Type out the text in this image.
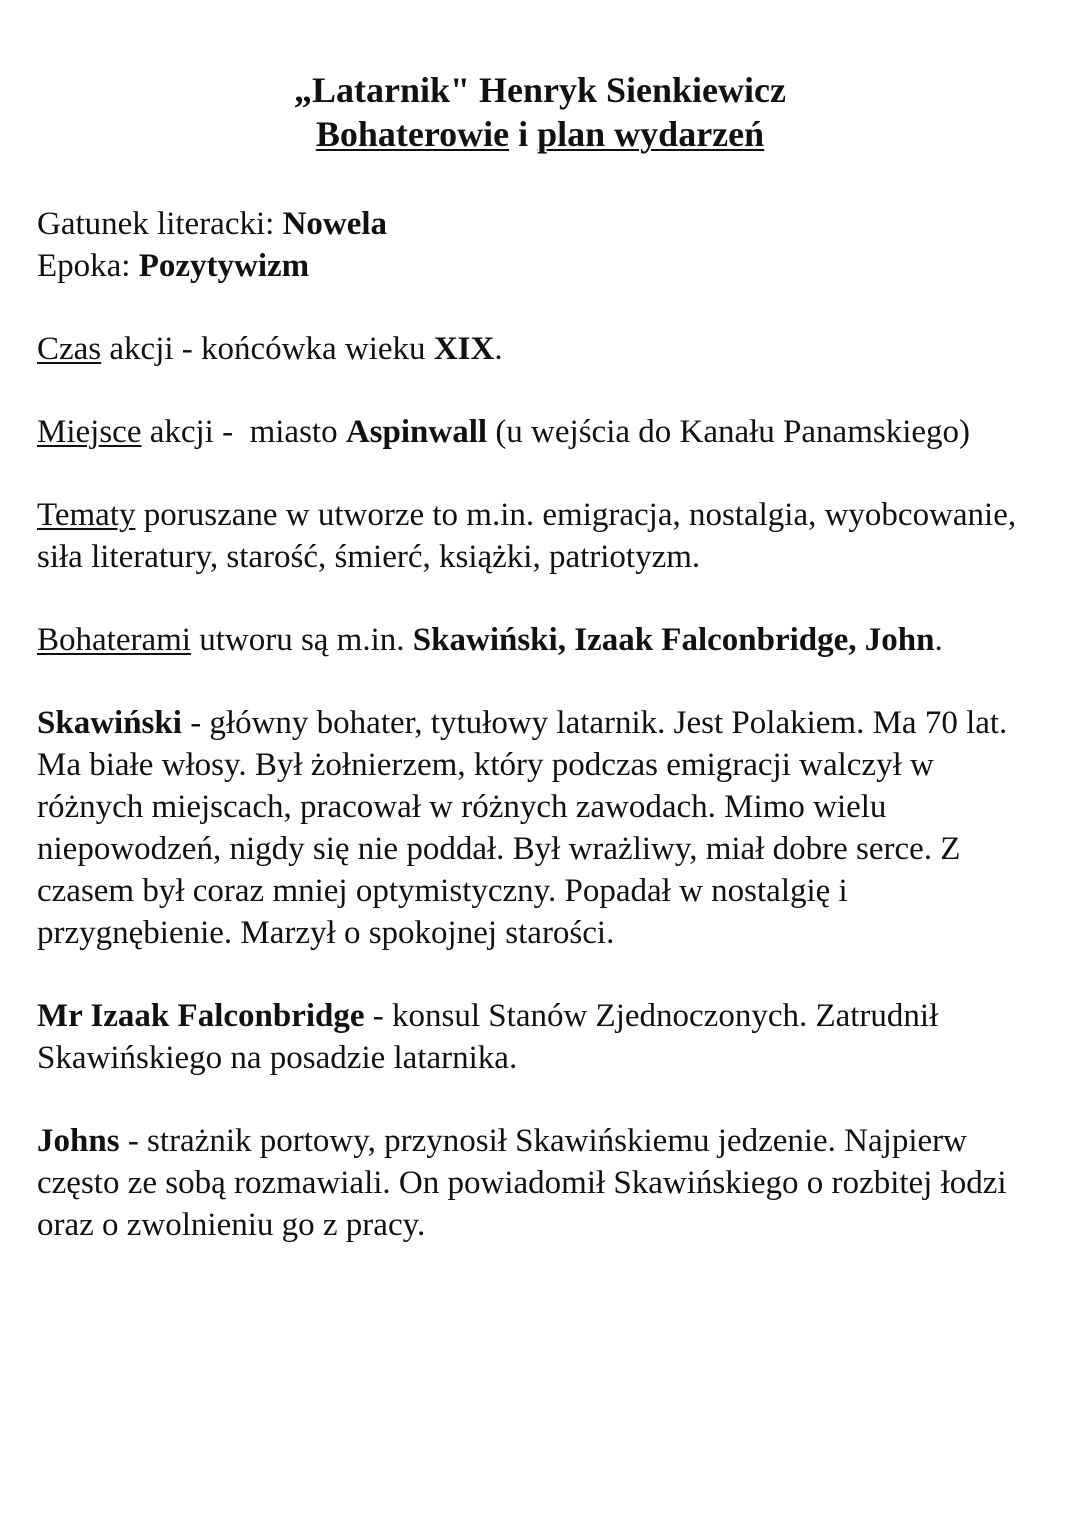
„Latarnik" Henryk Sienkiewicz
Bohaterowie i plan wydarzeń

Gatunek literacki: Nowela

Epoka: Pozytywizm

Czas akcji - końcówka wieku XIX.

Miejsce akcji -  miasto Aspinwall (u wejścia do Kanału Panamskiego)

Tematy poruszane w utworze to m.in. emigracja, nostalgia, wyobcowanie, siła literatury, starość, śmierć, książki, patriotyzm.

Bohaterami utworu są m.in. Skawiński, Izaak Falconbridge, John.

Skawiński - główny bohater, tytułowy latarnik. Jest Polakiem. Ma 70 lat. Ma białe włosy. Był żołnierzem, który podczas emigracji walczył w różnych miejscach, pracował w różnych zawodach. Mimo wielu niepowodzeń, nigdy się nie poddał. Był wrażliwy, miał dobre serce. Z czasem był coraz mniej optymistyczny. Popadał w nostalgię i przygnębienie. Marzył o spokojnej starości.

Mr Izaak Falconbridge - konsul Stanów Zjednoczonych. Zatrudnił Skawińskiego na posadzie latarnika.

Johns - strażnik portowy, przynosił Skawińskiemu jedzenie. Najpierw często ze sobą rozmawiali. On powiadomił Skawińskiego o rozbitej łodzi oraz o zwolnieniu go z pracy.
